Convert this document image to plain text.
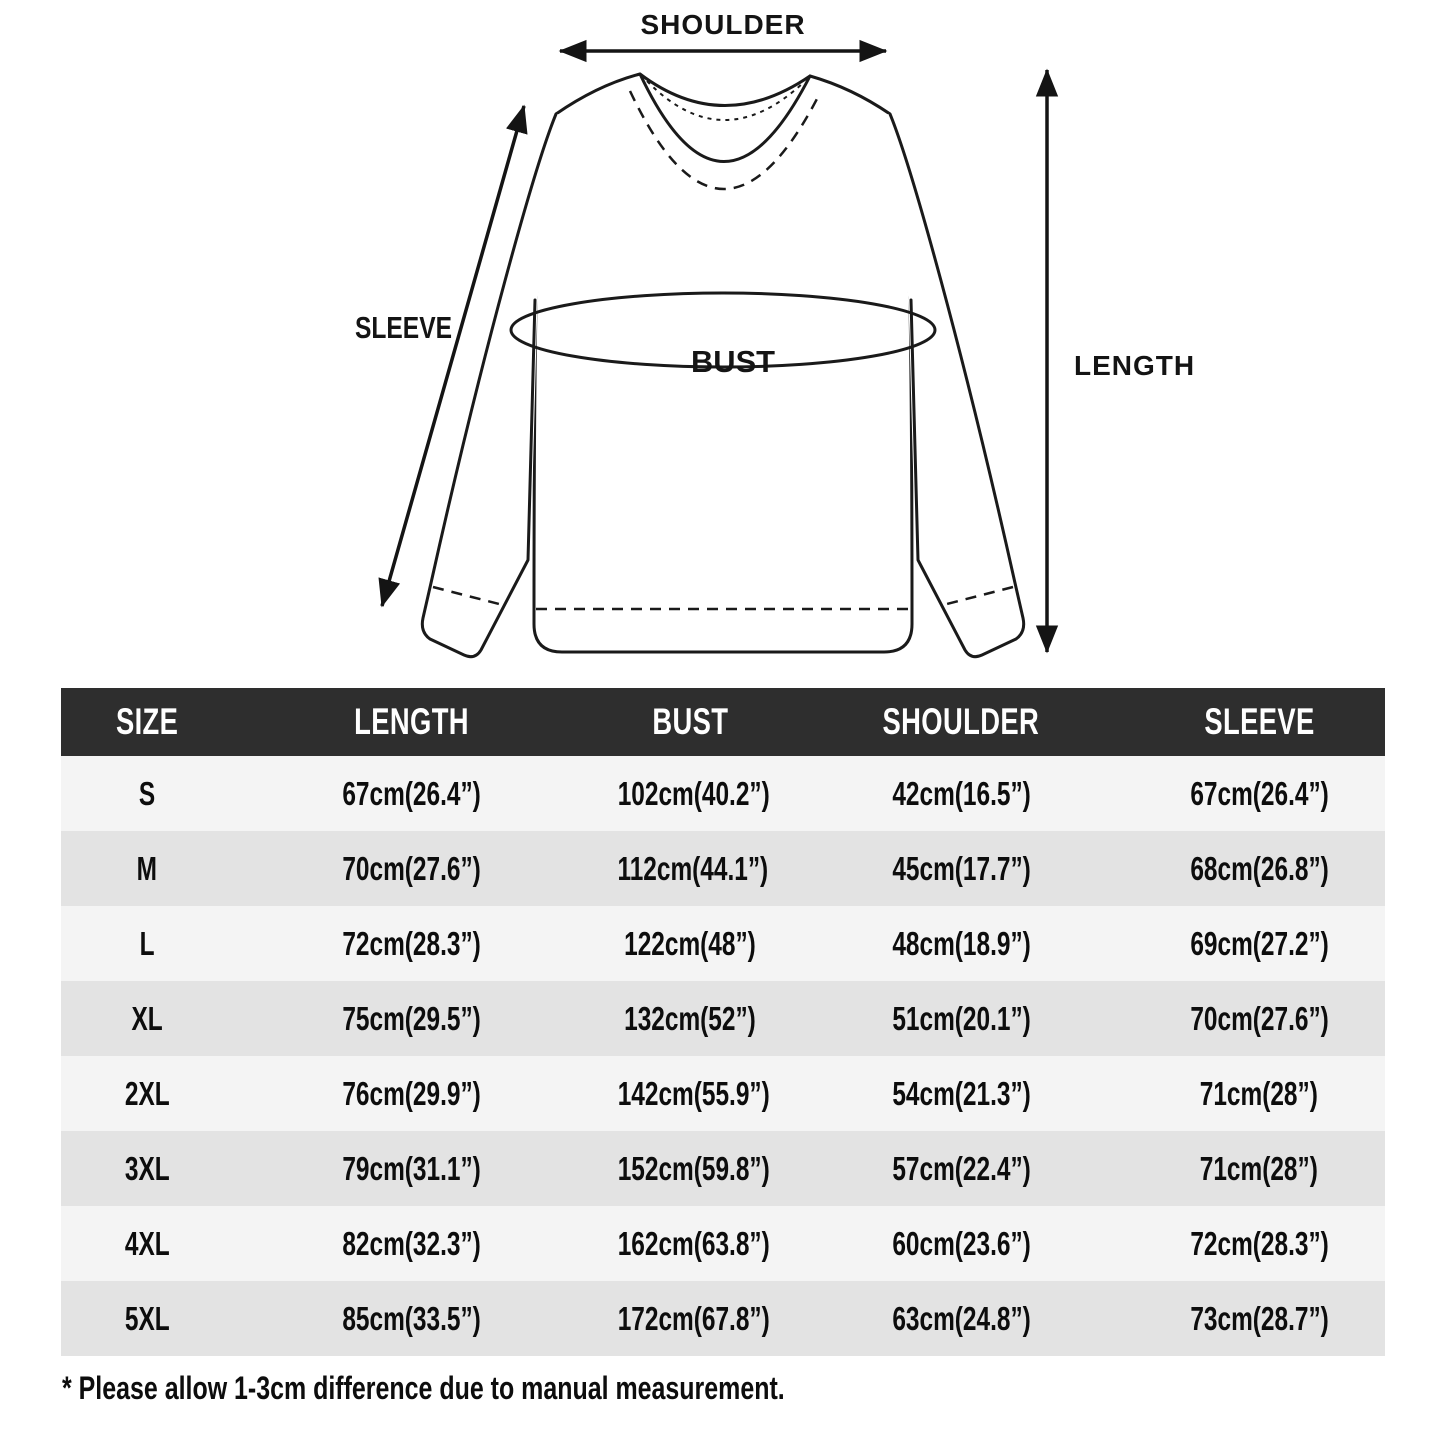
SHOULDER
LENGTH
SLEEVE
BUST
SIZE	LENGTH	BUST	SHOULDER	SLEEVE
S	67cm(26.4”)	102cm(40.2”)	42cm(16.5”)	67cm(26.4”)
M	70cm(27.6”)	112cm(44.1”)	45cm(17.7”)	68cm(26.8”)
L	72cm(28.3”)	122cm(48”)	48cm(18.9”)	69cm(27.2”)
XL	75cm(29.5”)	132cm(52”)	51cm(20.1”)	70cm(27.6”)
2XL	76cm(29.9”)	142cm(55.9”)	54cm(21.3”)	71cm(28”)
3XL	79cm(31.1”)	152cm(59.8”)	57cm(22.4”)	71cm(28”)
4XL	82cm(32.3”)	162cm(63.8”)	60cm(23.6”)	72cm(28.3”)
5XL	85cm(33.5”)	172cm(67.8”)	63cm(24.8”)	73cm(28.7”)
* Please allow 1-3cm difference due to manual measurement.
